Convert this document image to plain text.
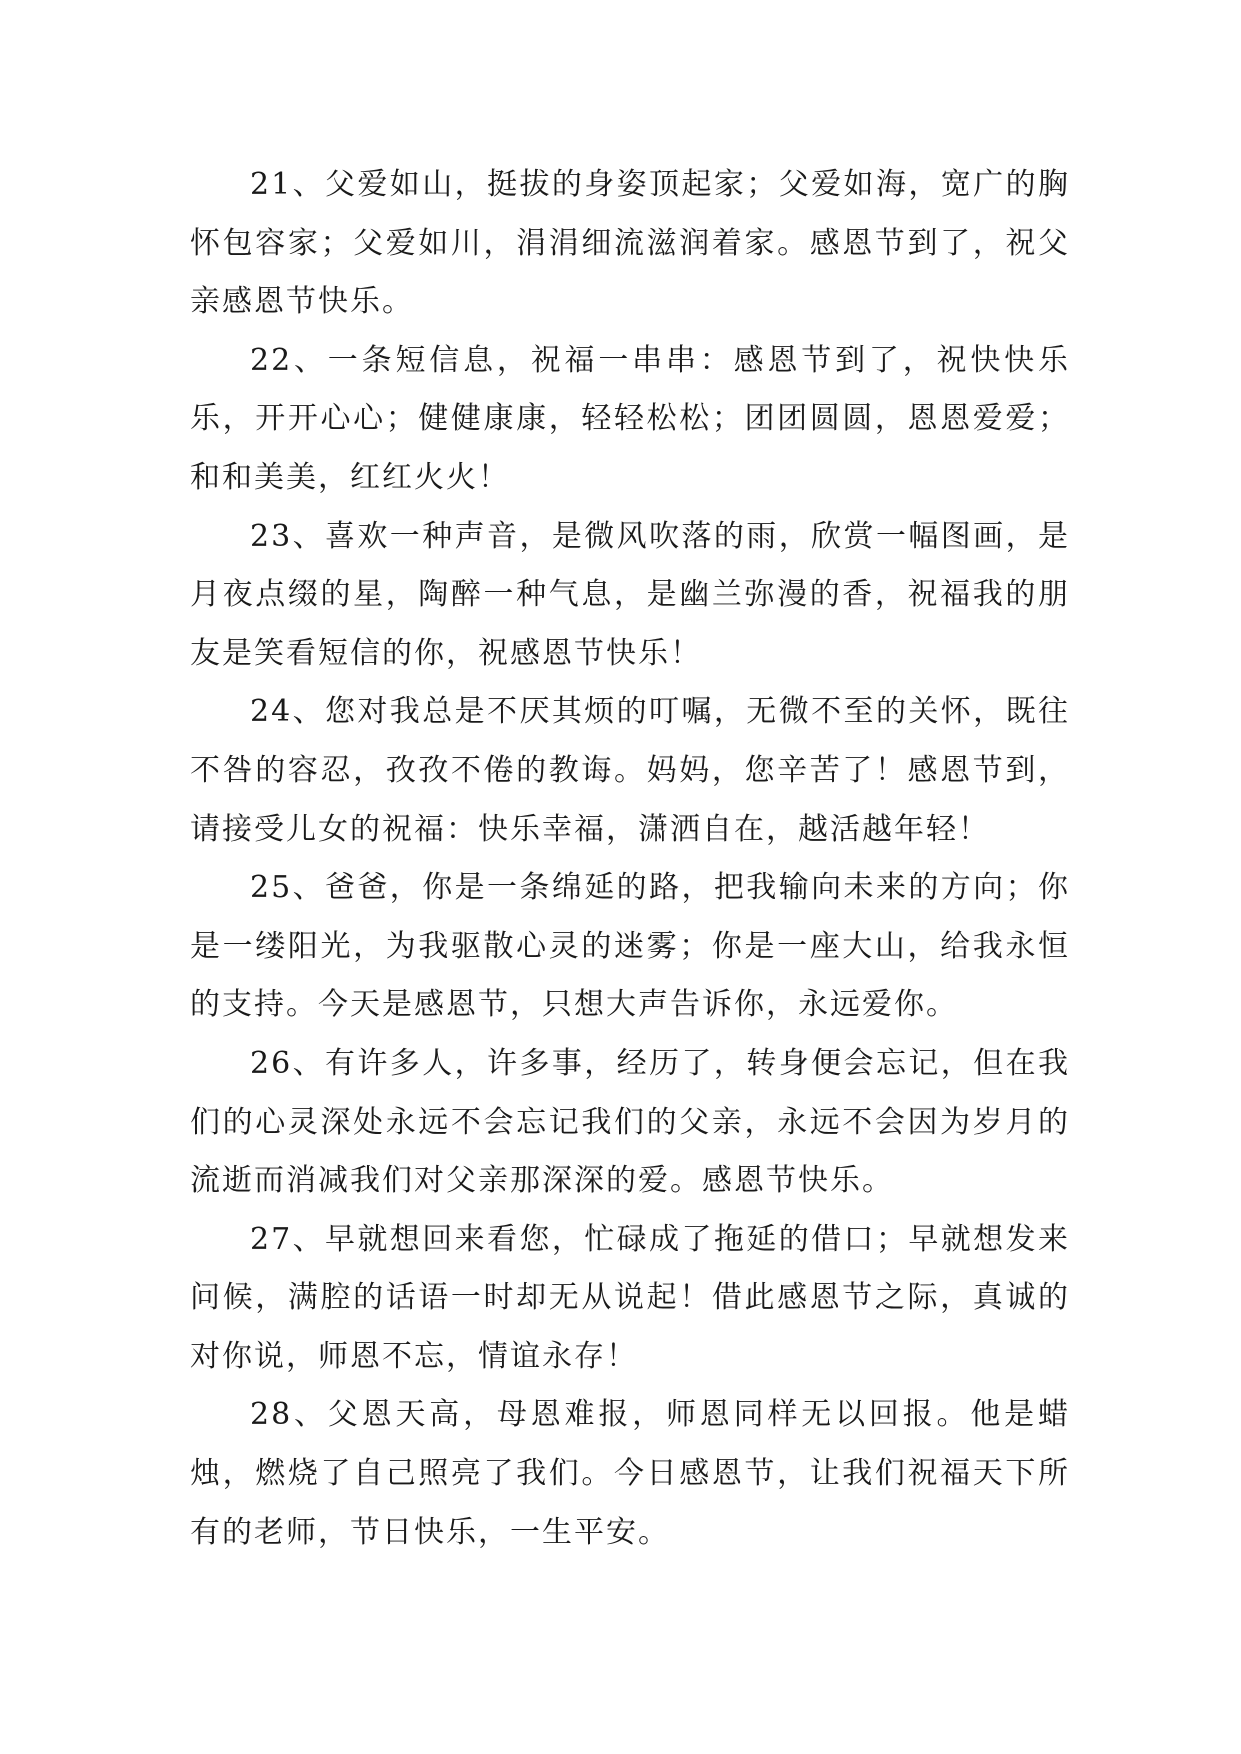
21、父爱如山，挺拔的身姿顶起家；父爱如海，宽广的胸怀包容家；父爱如川，涓涓细流滋润着家。感恩节到了，祝父亲感恩节快乐。

22、一条短信息，祝福一串串：感恩节到了，祝快快乐乐，开开心心；健健康康，轻轻松松；团团圆圆，恩恩爱爱；和和美美，红红火火！

23、喜欢一种声音，是微风吹落的雨，欣赏一幅图画，是月夜点缀的星，陶醉一种气息，是幽兰弥漫的香，祝福我的朋友是笑看短信的你，祝感恩节快乐！

24、您对我总是不厌其烦的叮嘱，无微不至的关怀，既往不咎的容忍，孜孜不倦的教诲。妈妈，您辛苦了！感恩节到，请接受儿女的祝福：快乐幸福，潇洒自在，越活越年轻！

25、爸爸，你是一条绵延的路，把我输向未来的方向；你是一缕阳光，为我驱散心灵的迷雾；你是一座大山，给我永恒的支持。今天是感恩节，只想大声告诉你，永远爱你。

26、有许多人，许多事，经历了，转身便会忘记，但在我们的心灵深处永远不会忘记我们的父亲，永远不会因为岁月的流逝而消减我们对父亲那深深的爱。感恩节快乐。

27、早就想回来看您，忙碌成了拖延的借口；早就想发来问候，满腔的话语一时却无从说起！借此感恩节之际，真诚的对你说，师恩不忘，情谊永存！

28、父恩天高，母恩难报，师恩同样无以回报。他是蜡烛，燃烧了自己照亮了我们。今日感恩节，让我们祝福天下所有的老师，节日快乐，一生平安。
